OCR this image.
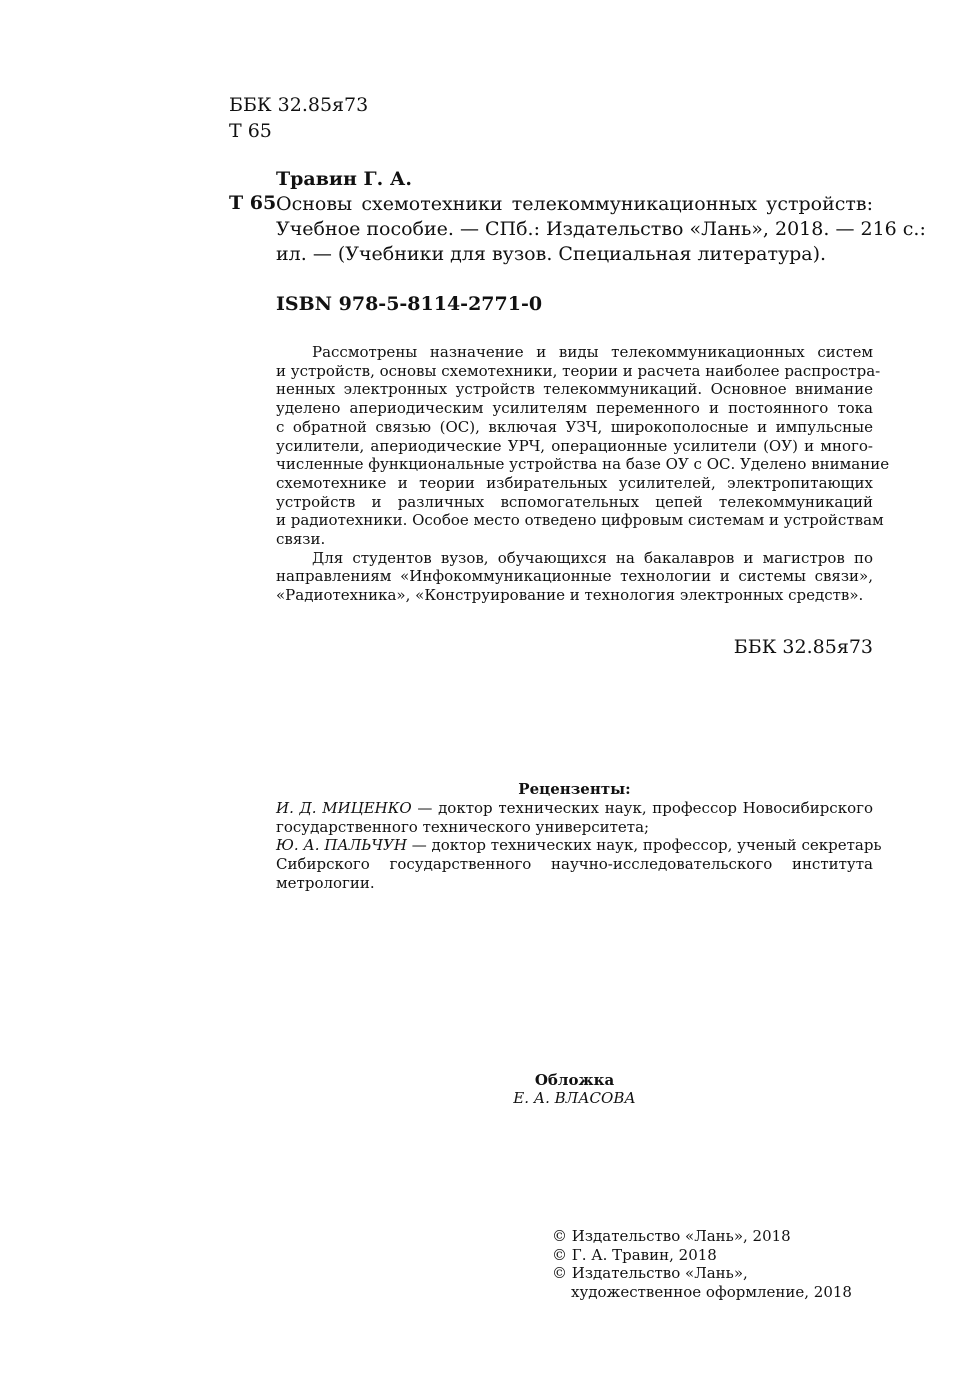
ББК 32.85я73
Т 65
Травин Г. А.
Т 65 Основы схемотехники телекоммуникационных устройств:
Учебное пособие. — СПб.: Издательство «Лань», 2018. — 216 с.:
ил. — (Учебники для вузов. Специальная литература).
ISBN 978-5-8114-2771-0
Рассмотрены назначение и виды телекоммуникационных систем
и устройств, основы схемотехники, теории и расчета наиболее распростра-
ненных электронных устройств телекоммуникаций. Основное внимание
уделено апериодическим усилителям переменного и постоянного тока
с обратной связью (ОС), включая УЗЧ, широкополосные и импульсные
усилители, апериодические УРЧ, операционные усилители (ОУ) и много-
численные функциональные устройства на базе ОУ с ОС. Уделено внимание
схемотехнике и теории избирательных усилителей, электропитающих
устройств и различных вспомогательных цепей телекоммуникаций
и радиотехники. Особое место отведено цифровым системам и устройствам
связи.
Для студентов вузов, обучающихся на бакалавров и магистров по
направлениям «Инфокоммуникационные технологии и системы связи»,
«Радиотехника», «Конструирование и технология электронных средств».
ББК 32.85я73
Рецензенты:
И. Д. МИЦЕНКО — доктор технических наук, профессор Новосибирского
государственного технического университета;
Ю. А. ПАЛЬЧУН — доктор технических наук, профессор, ученый секретарь
Сибирского государственного научно-исследовательского института
метрологии.
Обложка
Е. А. ВЛАСОВА
© Издательство «Лань», 2018
© Г. А. Травин, 2018
© Издательство «Лань»,
художественное оформление, 2018
